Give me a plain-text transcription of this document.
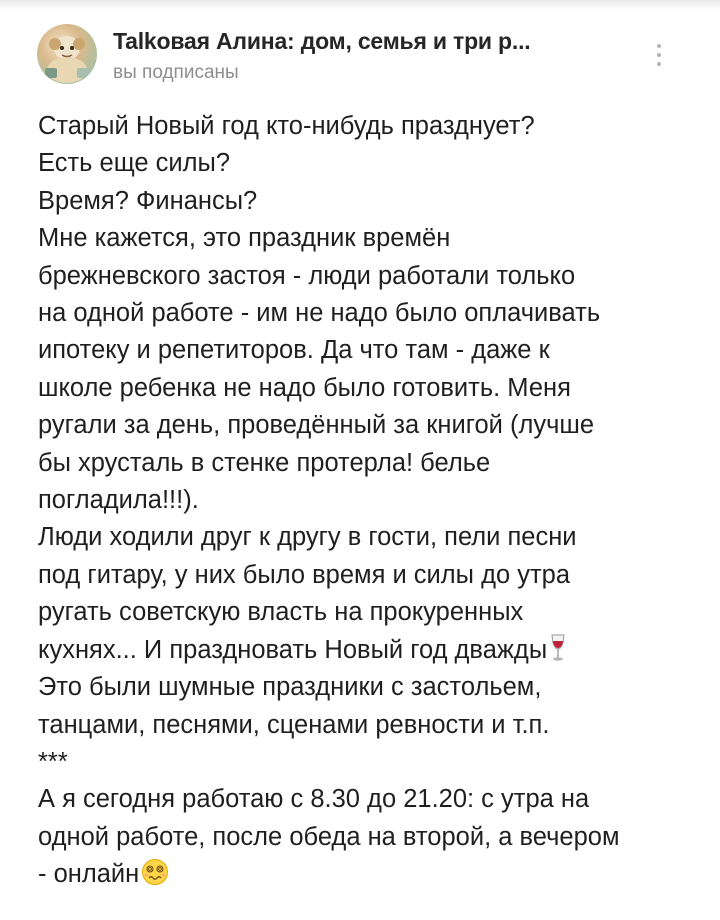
Talkовая Алина: дом, семья и три р...
вы подписаны
Старый Новый год кто-нибудь празднует?
Есть еще силы?
Время? Финансы?
Мне кажется, это праздник времён
брежневского застоя - люди работали только
на одной работе - им не надо было оплачивать
ипотеку и репетиторов. Да что там - даже к
школе ребенка не надо было готовить. Меня
ругали за день, проведённый за книгой (лучше
бы хрусталь в стенке протерла! белье
погладила!!!).
Люди ходили друг к другу в гости, пели песни
под гитару, у них было время и силы до утра
ругать советскую власть на прокуренных
кухнях... И праздновать Новый год дважды
Это были шумные праздники с застольем,
танцами, песнями, сценами ревности и т.п.
***
А я сегодня работаю с 8.30 до 21.20: с утра на
одной работе, после обеда на второй, а вечером
- онлайн
